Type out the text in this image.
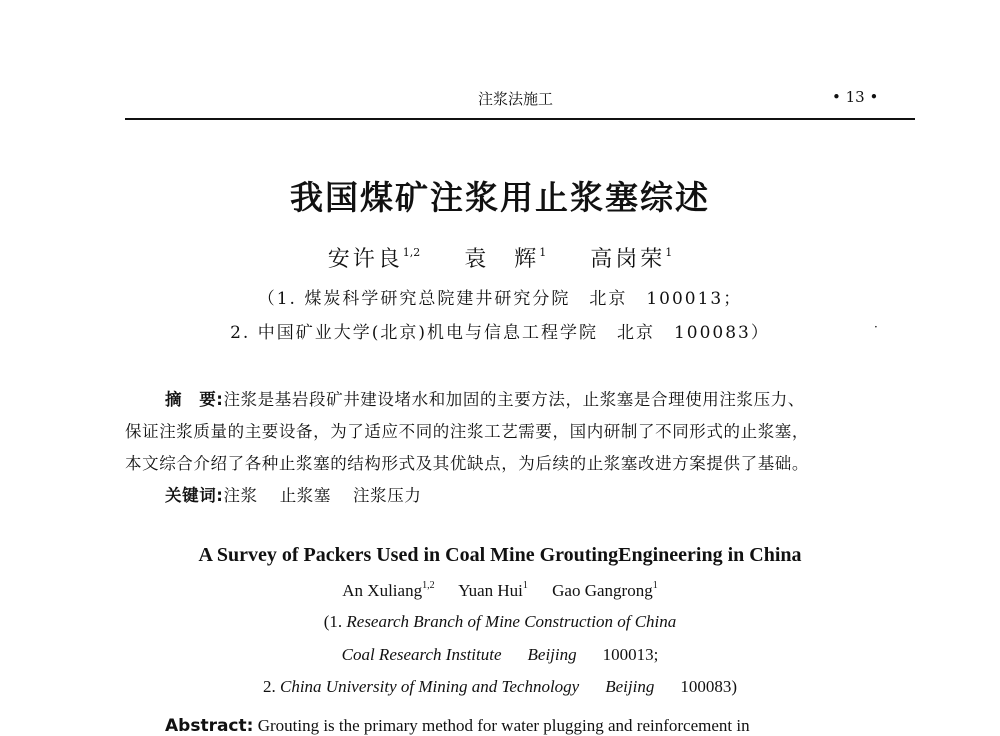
注浆法施工	• 13 •
我国煤矿注浆用止浆塞综述
安许良$^{1,2}$ 袁　辉$^1$ 高岗荣$^1$
（1. 煤炭科学研究总院建井研究分院　北京　100013；
2. 中国矿业大学(北京)机电与信息工程学院　北京　100083）	·
摘　要:注浆是基岩段矿井建设堵水和加固的主要方法，止浆塞是合理使用注浆压力、
保证注浆质量的主要设备，为了适应不同的注浆工艺需要，国内研制了不同形式的止浆塞，
本文综合介绍了各种止浆塞的结构形式及其优缺点，为后续的止浆塞改进方案提供了基础。
关键词:注浆 止浆塞 注浆压力
A Survey of Packers Used in Coal Mine GroutingEngineering in China
An Xuliang$^{1,2}$ Yuan Hui$^1$ Gao Gangrong$^1$
(1. Research Branch of Mine Construction of China
Coal Research Institute Beijing 100013;
2. China University of Mining and Technology Beijing 100083)
Abstract: Grouting is the primary method for water plugging and reinforcement in
